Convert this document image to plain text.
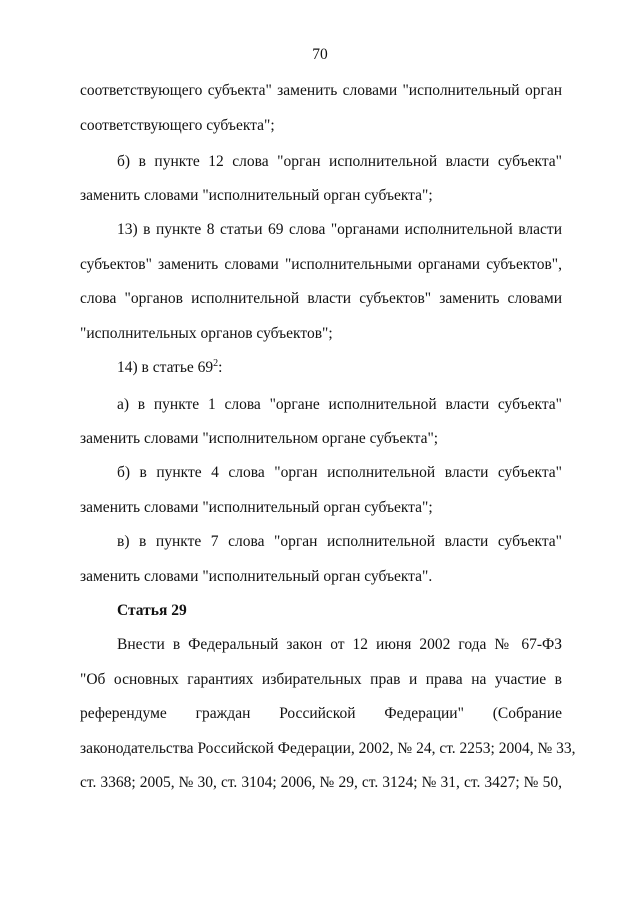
70
соответствующего субъекта" заменить словами "исполнительный орган
соответствующего субъекта";
б) в пункте 12 слова "орган исполнительной власти субъекта"
заменить словами "исполнительный орган субъекта";
13) в пункте 8 статьи 69 слова "органами исполнительной власти
субъектов" заменить словами "исполнительными органами субъектов",
слова "органов исполнительной власти субъектов" заменить словами
"исполнительных органов субъектов";
14) в статье $69^2$:
а) в пункте 1 слова "органе исполнительной власти субъекта"
заменить словами "исполнительном органе субъекта";
б) в пункте 4 слова "орган исполнительной власти субъекта"
заменить словами "исполнительный орган субъекта";
в) в пункте 7 слова "орган исполнительной власти субъекта"
заменить словами "исполнительный орган субъекта".
Статья 29
Внести в Федеральный закон от 12 июня 2002 года № 67-ФЗ
"Об основных гарантиях избирательных прав и права на участие в
референдуме граждан Российской Федерации" (Собрание
законодательства Российской Федерации, 2002, № 24, ст. 2253; 2004, № 33,
ст. 3368; 2005, № 30, ст. 3104; 2006, № 29, ст. 3124; № 31, ст. 3427; № 50,
